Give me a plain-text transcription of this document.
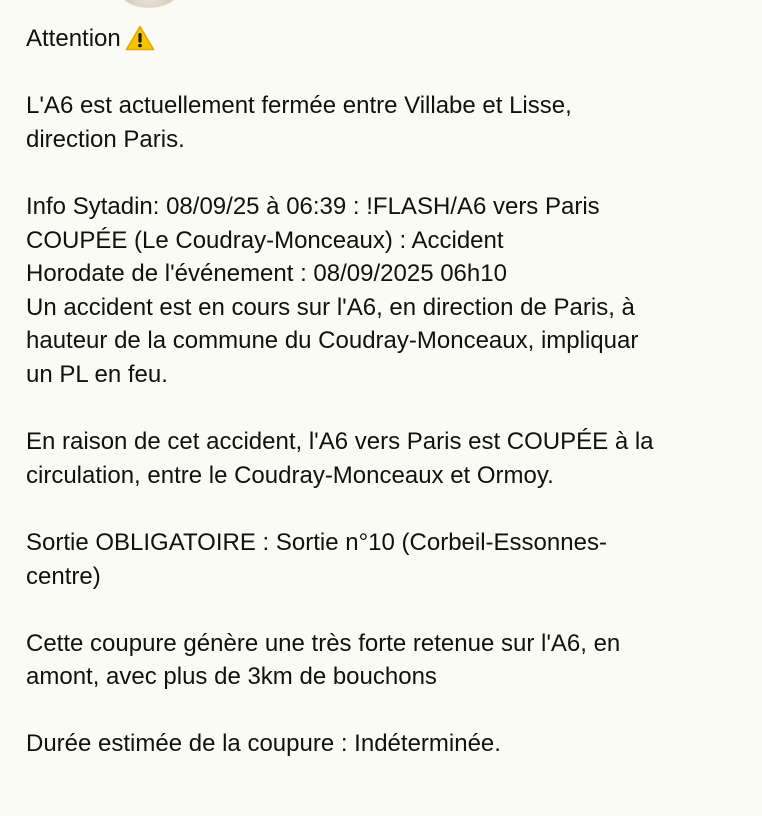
Attention
L'A6 est actuellement fermée entre Villabe et Lisse,
direction Paris.
Info Sytadin: 08/09/25 à 06:39 : !FLASH/A6 vers Paris
COUPÉE (Le Coudray-Monceaux) : Accident
Horodate de l'événement : 08/09/2025 06h10
Un accident est en cours sur l'A6, en direction de Paris, à
hauteur de la commune du Coudray-Monceaux, impliquar
un PL en feu.
En raison de cet accident, l'A6 vers Paris est COUPÉE à la
circulation, entre le Coudray-Monceaux et Ormoy.
Sortie OBLIGATOIRE : Sortie n°10 (Corbeil-Essonnes-
centre)
Cette coupure génère une très forte retenue sur l'A6, en
amont, avec plus de 3km de bouchons
Durée estimée de la coupure : Indéterminée.
